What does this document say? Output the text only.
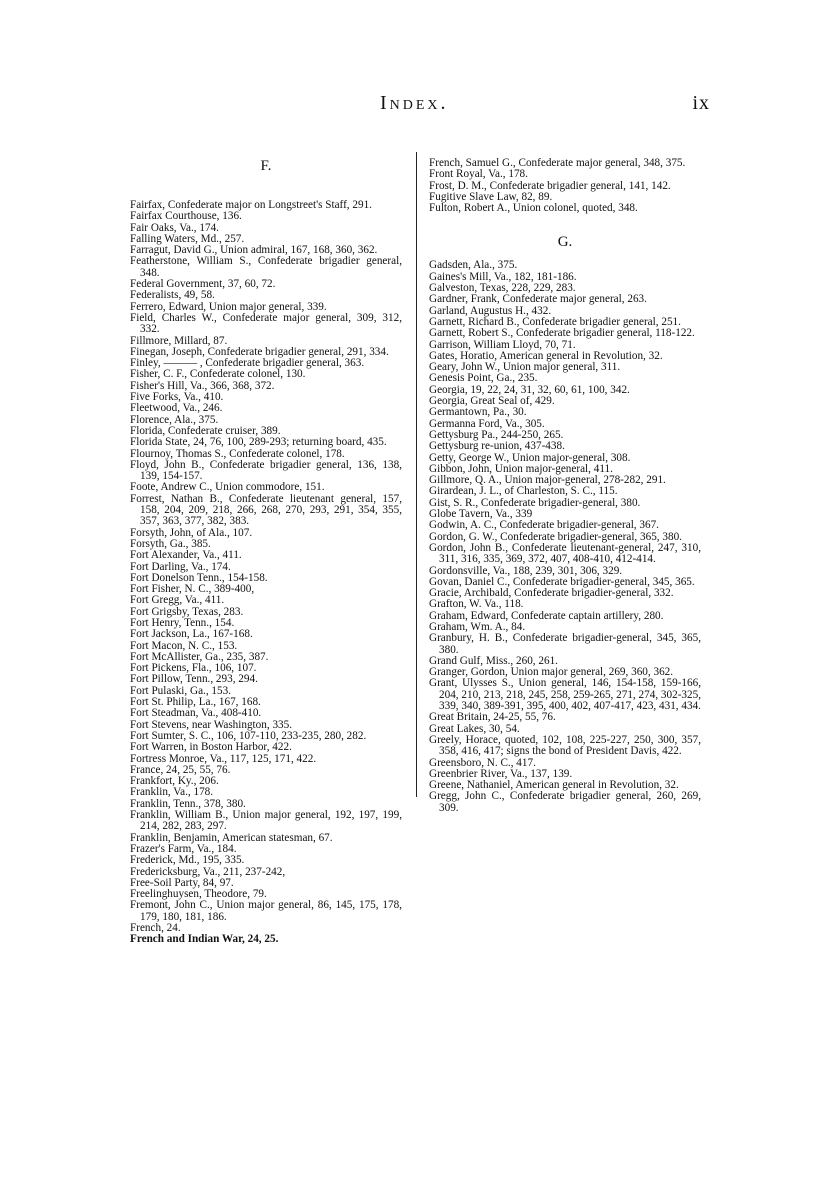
Index.	ix
F.

Fairfax, Confederate major on Longstreet's Staff, 291.

Fairfax Courthouse, 136.

Fair Oaks, Va., 174.

Falling Waters, Md., 257.

Farragut, David G., Union admiral, 167, 168, 360, 362.

Featherstone, William S., Confederate brigadier general, 348.

Federal Government, 37, 60, 72.

Federalists, 49, 58.

Ferrero, Edward, Union major general, 339.

Field, Charles W., Confederate major general, 309, 312, 332.

Fillmore, Millard, 87.

Finegan, Joseph, Confederate brigadier general, 291, 334.

Finley, ——— , Confederate brigadier general, 363.

Fisher, C. F., Confederate colonel, 130.

Fisher's Hill, Va., 366, 368, 372.

Five Forks, Va., 410.

Fleetwood, Va., 246.

Florence, Ala., 375.

Florida, Confederate cruiser, 389.

Florida State, 24, 76, 100, 289-293; returning board, 435.

Flournoy, Thomas S., Confederate colonel, 178.

Floyd, John B., Confederate brigadier general, 136, 138, 139, 154-157.

Foote, Andrew C., Union commodore, 151.

Forrest, Nathan B., Confederate lieutenant general, 157, 158, 204, 209, 218, 266, 268, 270, 293, 291, 354, 355, 357, 363, 377, 382, 383.

Forsyth, John, of Ala., 107.

Forsyth, Ga., 385.

Fort Alexander, Va., 411.

Fort Darling, Va., 174.

Fort Donelson Tenn., 154-158.

Fort Fisher, N. C., 389-400,

Fort Gregg, Va., 411.

Fort Grigsby, Texas, 283.

Fort Henry, Tenn., 154.

Fort Jackson, La., 167-168.

Fort Macon, N. C., 153.

Fort McAllister, Ga., 235, 387.

Fort Pickens, Fla., 106, 107.

Fort Pillow, Tenn., 293, 294.

Fort Pulaski, Ga., 153.

Fort St. Philip, La., 167, 168.

Fort Steadman, Va., 408-410.

Fort Stevens, near Washington, 335.

Fort Sumter, S. C., 106, 107-110, 233-235, 280, 282.

Fort Warren, in Boston Harbor, 422.

Fortress Monroe, Va., 117, 125, 171, 422.

France, 24, 25, 55, 76.

Frankfort, Ky., 206.

Franklin, Va., 178.

Franklin, Tenn., 378, 380.

Franklin, William B., Union major general, 192, 197, 199, 214, 282, 283, 297.

Franklin, Benjamin, American statesman, 67.

Frazer's Farm, Va., 184.

Frederick, Md., 195, 335.

Fredericksburg, Va., 211, 237-242,

Free-Soil Party, 84, 97.

Freelinghuysen, Theodore, 79.

Fremont, John C., Union major general, 86, 145, 175, 178, 179, 180, 181, 186.

French, 24.

French and Indian War, 24, 25.

French, Samuel G., Confederate major general, 348, 375.

Front Royal, Va., 178.

Frost, D. M., Confederate brigadier general, 141, 142.

Fugitive Slave Law, 82, 89.

Fulton, Robert A., Union colonel, quoted, 348.

G.

Gadsden, Ala., 375.

Gaines's Mill, Va., 182, 181-186.

Galveston, Texas, 228, 229, 283.

Gardner, Frank, Confederate major general, 263.

Garland, Augustus H., 432.

Garnett, Richard B., Confederate brigadier general, 251.

Garnett, Robert S., Confederate brigadier general, 118-122.

Garrison, William Lloyd, 70, 71.

Gates, Horatio, American general in Revolution, 32.

Geary, John W., Union major general, 311.

Genesis Point, Ga., 235.

Georgia, 19, 22, 24, 31, 32, 60, 61, 100, 342.

Georgia, Great Seal of, 429.

Germantown, Pa., 30.

Germanna Ford, Va., 305.

Gettysburg Pa., 244-250, 265.

Gettysburg re-union, 437-438.

Getty, George W., Union major-general, 308.

Gibbon, John, Union major-general, 411.

Gillmore, Q. A., Union major-general, 278-282, 291.

Girardean, J. L., of Charleston, S. C., 115.

Gist, S. R., Confederate brigadier-general, 380.

Globe Tavern, Va., 339

Godwin, A. C., Confederate brigadier-general, 367.

Gordon, G. W., Confederate brigadier-general, 365, 380.

Gordon, John B., Confederate lieutenant-general, 247, 310, 311, 316, 335, 369, 372, 407, 408-410, 412-414.

Gordonsville, Va., 188, 239, 301, 306, 329.

Govan, Daniel C., Confederate brigadier-general, 345, 365.

Gracie, Archibald, Confederate brigadier-general, 332.

Grafton, W. Va., 118.

Graham, Edward, Confederate captain artillery, 280.

Graham, Wm. A., 84.

Granbury, H. B., Confederate brigadier-general, 345, 365, 380.

Grand Gulf, Miss., 260, 261.

Granger, Gordon, Union major general, 269, 360, 362.

Grant, Ulysses S., Union general, 146, 154-158, 159-166, 204, 210, 213, 218, 245, 258, 259-265, 271, 274, 302-325, 339, 340, 389-391, 395, 400, 402, 407-417, 423, 431, 434.

Great Britain, 24-25, 55, 76.

Great Lakes, 30, 54.

Greely, Horace, quoted, 102, 108, 225-227, 250, 300, 357, 358, 416, 417; signs the bond of President Davis, 422.

Greensboro, N. C., 417.

Greenbrier River, Va., 137, 139.

Greene, Nathaniel, American general in Revolution, 32.

Gregg, John C., Confederate brigadier general, 260, 269, 309.
